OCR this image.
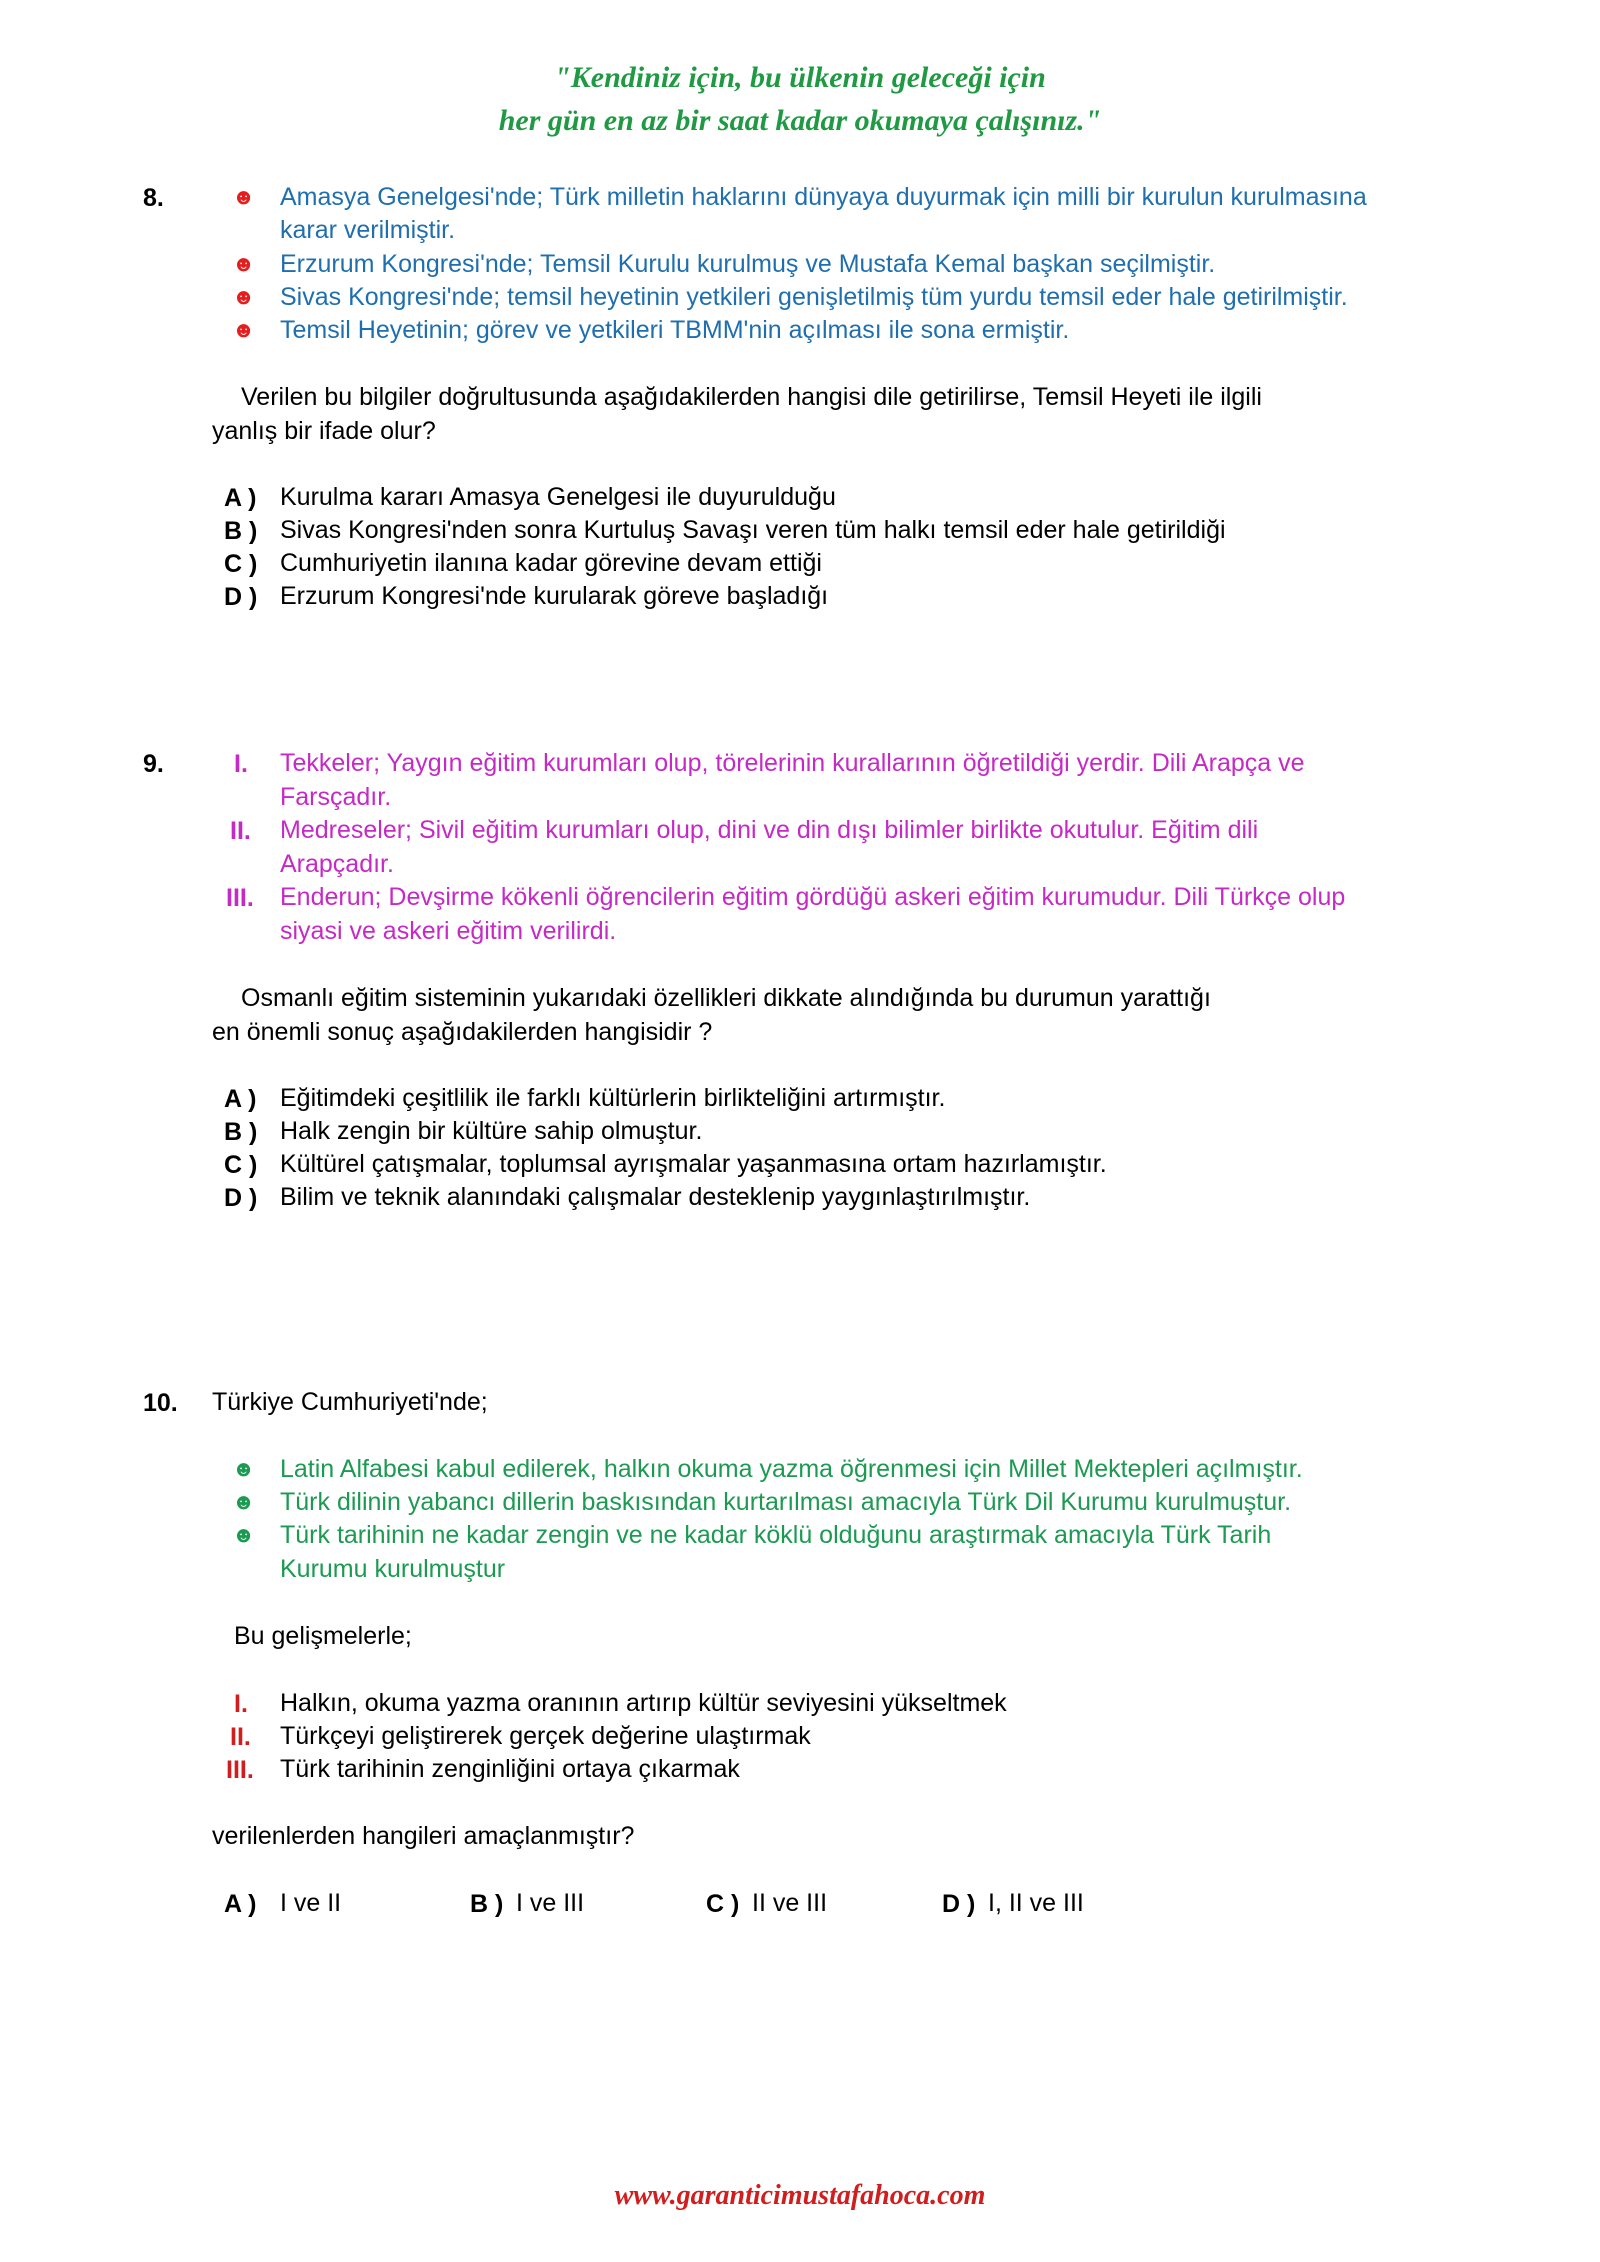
"Kendiniz için, bu ülkenin geleceği için
her gün en az bir saat kadar okumaya çalışınız."
8.	☻ Amasya Genelgesi'nde; Türk milletin haklarını dünyaya duyurmak için milli bir kurulun kurulmasına
karar verilmiştir.
☻ Erzurum Kongresi'nde; Temsil Kurulu kurulmuş ve Mustafa Kemal başkan seçilmiştir.
☻ Sivas Kongresi'nde; temsil heyetinin yetkileri genişletilmiş tüm yurdu temsil eder hale getirilmiştir.
☻ Temsil Heyetinin; görev ve yetkileri TBMM'nin açılması ile sona ermiştir.
Verilen bu bilgiler doğrultusunda aşağıdakilerden hangisi dile getirilirse, Temsil Heyeti ile ilgili
yanlış bir ifade olur?
A ) Kurulma kararı Amasya Genelgesi ile duyurulduğu
B ) Sivas Kongresi'nden sonra Kurtuluş Savaşı veren tüm halkı temsil eder hale getirildiği
C ) Cumhuriyetin ilanına kadar görevine devam ettiği
D ) Erzurum Kongresi'nde kurularak göreve başladığı
9.	I. Tekkeler; Yaygın eğitim kurumları olup, törelerinin kurallarının öğretildiği yerdir. Dili Arapça ve
Farsçadır.
II. Medreseler; Sivil eğitim kurumları olup, dini ve din dışı bilimler birlikte okutulur. Eğitim dili
Arapçadır.
III. Enderun; Devşirme kökenli öğrencilerin eğitim gördüğü askeri eğitim kurumudur. Dili Türkçe olup
siyasi ve askeri eğitim verilirdi.
Osmanlı eğitim sisteminin yukarıdaki özellikleri dikkate alındığında bu durumun yarattığı
en önemli sonuç aşağıdakilerden hangisidir ?
A ) Eğitimdeki çeşitlilik ile farklı kültürlerin birlikteliğini artırmıştır.
B ) Halk zengin bir kültüre sahip olmuştur.
C ) Kültürel çatışmalar, toplumsal ayrışmalar yaşanmasına ortam hazırlamıştır.
D ) Bilim ve teknik alanındaki çalışmalar desteklenip yaygınlaştırılmıştır.
10. Türkiye Cumhuriyeti'nde;
☻ Latin Alfabesi kabul edilerek, halkın okuma yazma öğrenmesi için Millet Mektepleri açılmıştır.
☻ Türk dilinin yabancı dillerin baskısından kurtarılması amacıyla Türk Dil Kurumu kurulmuştur.
☻ Türk tarihinin ne kadar zengin ve ne kadar köklü olduğunu araştırmak amacıyla Türk Tarih
Kurumu kurulmuştur
Bu gelişmelerle;
I. Halkın, okuma yazma oranının artırıp kültür seviyesini yükseltmek
II. Türkçeyi geliştirerek gerçek değerine ulaştırmak
III. Türk tarihinin zenginliğini ortaya çıkarmak
verilenlerden hangileri amaçlanmıştır?
A ) I ve II	B ) I ve III	C ) II ve III	D ) I, II ve III
www.garanticimustafahoca.com
